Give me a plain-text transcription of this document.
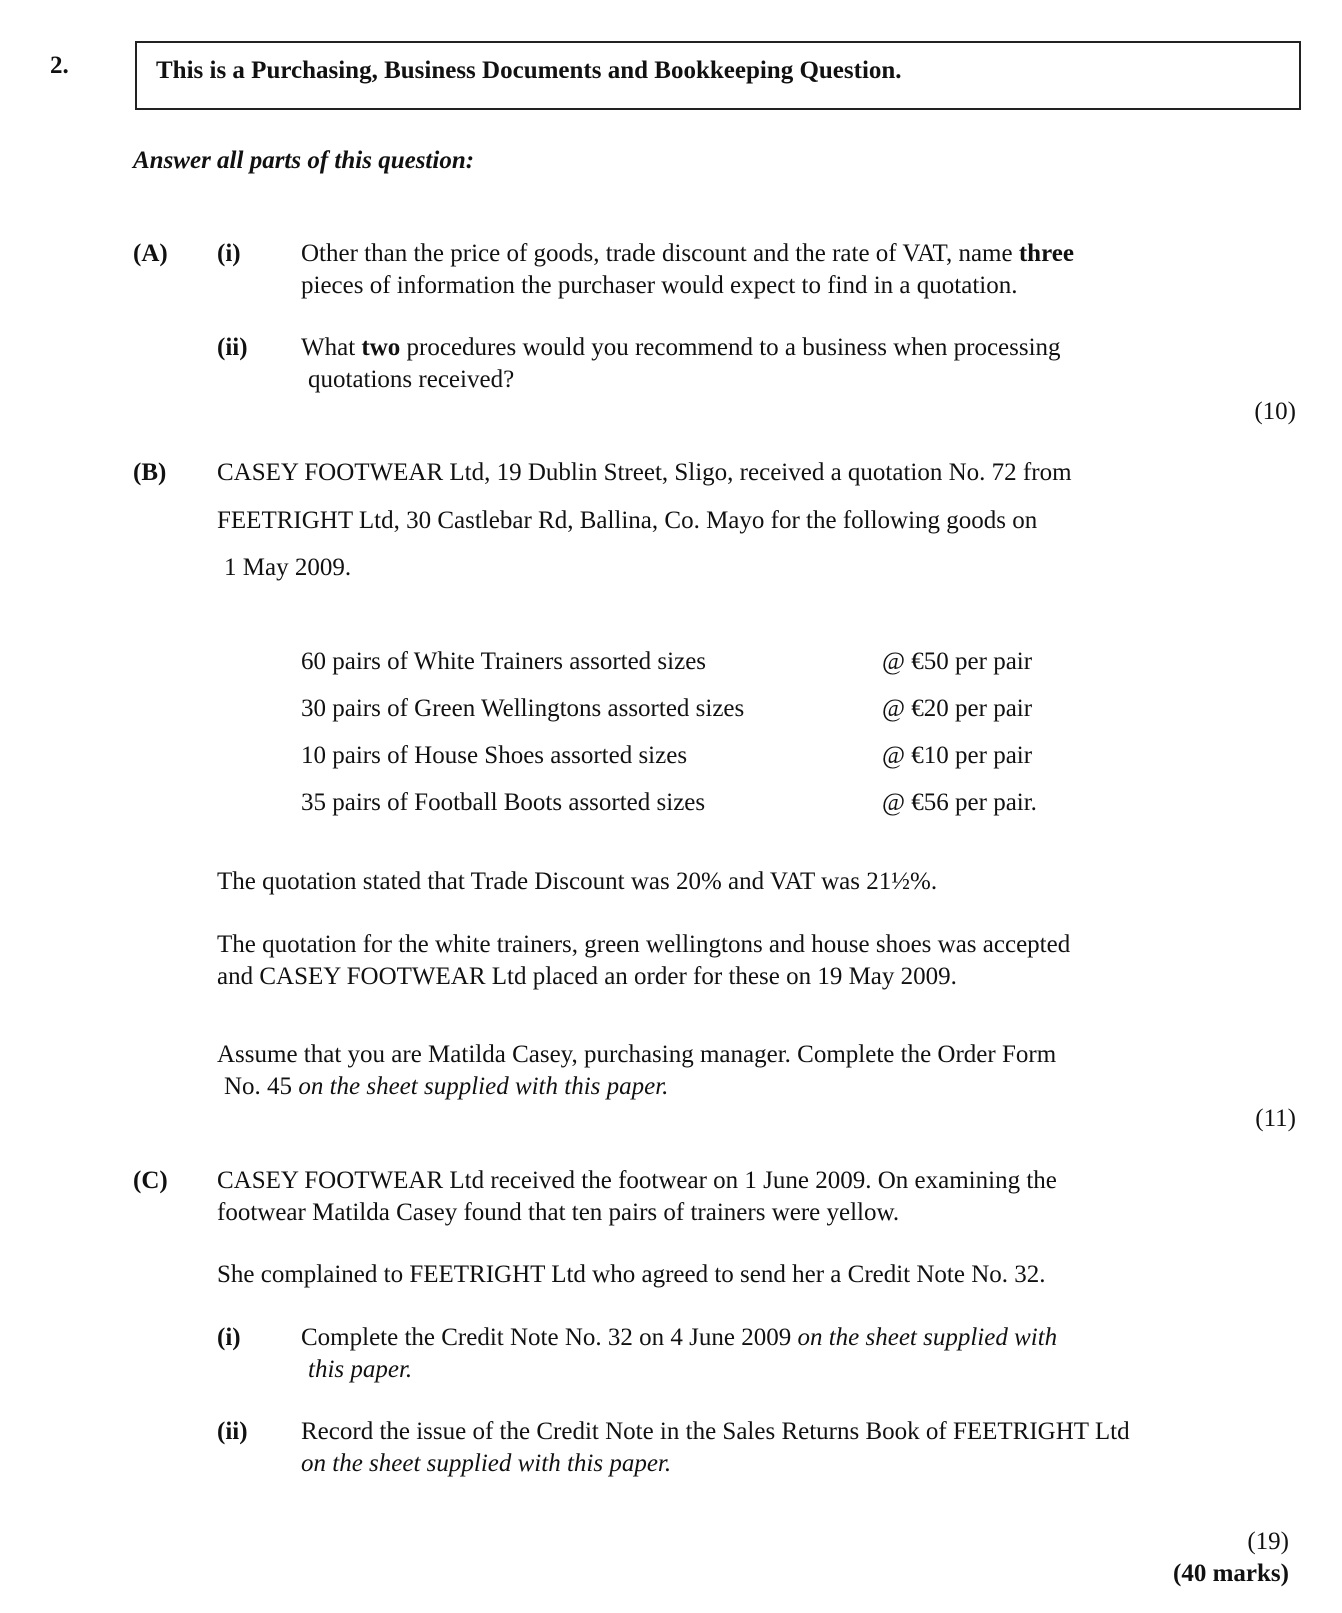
2.	This is a Purchasing, Business Documents and Bookkeeping Question.
Answer all parts of this question:
(A) (i) Other than the price of goods, trade discount and the rate of VAT, name three
pieces of information the purchaser would expect to find in a quotation.
(ii) What two procedures would you recommend to a business when processing
quotations received?
(10)
(B) CASEY FOOTWEAR Ltd, 19 Dublin Street, Sligo, received a quotation No. 72 from
FEETRIGHT Ltd, 30 Castlebar Rd, Ballina, Co. Mayo for the following goods on
1 May 2009.
60 pairs of White Trainers assorted sizes	@ €50 per pair
30 pairs of Green Wellingtons assorted sizes	@ €20 per pair
10 pairs of House Shoes assorted sizes	@ €10 per pair
35 pairs of Football Boots assorted sizes	@ €56 per pair.
The quotation stated that Trade Discount was 20% and VAT was 21½%.
The quotation for the white trainers, green wellingtons and house shoes was accepted
and CASEY FOOTWEAR Ltd placed an order for these on 19 May 2009.
Assume that you are Matilda Casey, purchasing manager. Complete the Order Form
No. 45 on the sheet supplied with this paper.
(11)
(C) CASEY FOOTWEAR Ltd received the footwear on 1 June 2009. On examining the
footwear Matilda Casey found that ten pairs of trainers were yellow.
She complained to FEETRIGHT Ltd who agreed to send her a Credit Note No. 32.
(i) Complete the Credit Note No. 32 on 4 June 2009 on the sheet supplied with
this paper.
(ii) Record the issue of the Credit Note in the Sales Returns Book of FEETRIGHT Ltd
on the sheet supplied with this paper.
(19)
(40 marks)
